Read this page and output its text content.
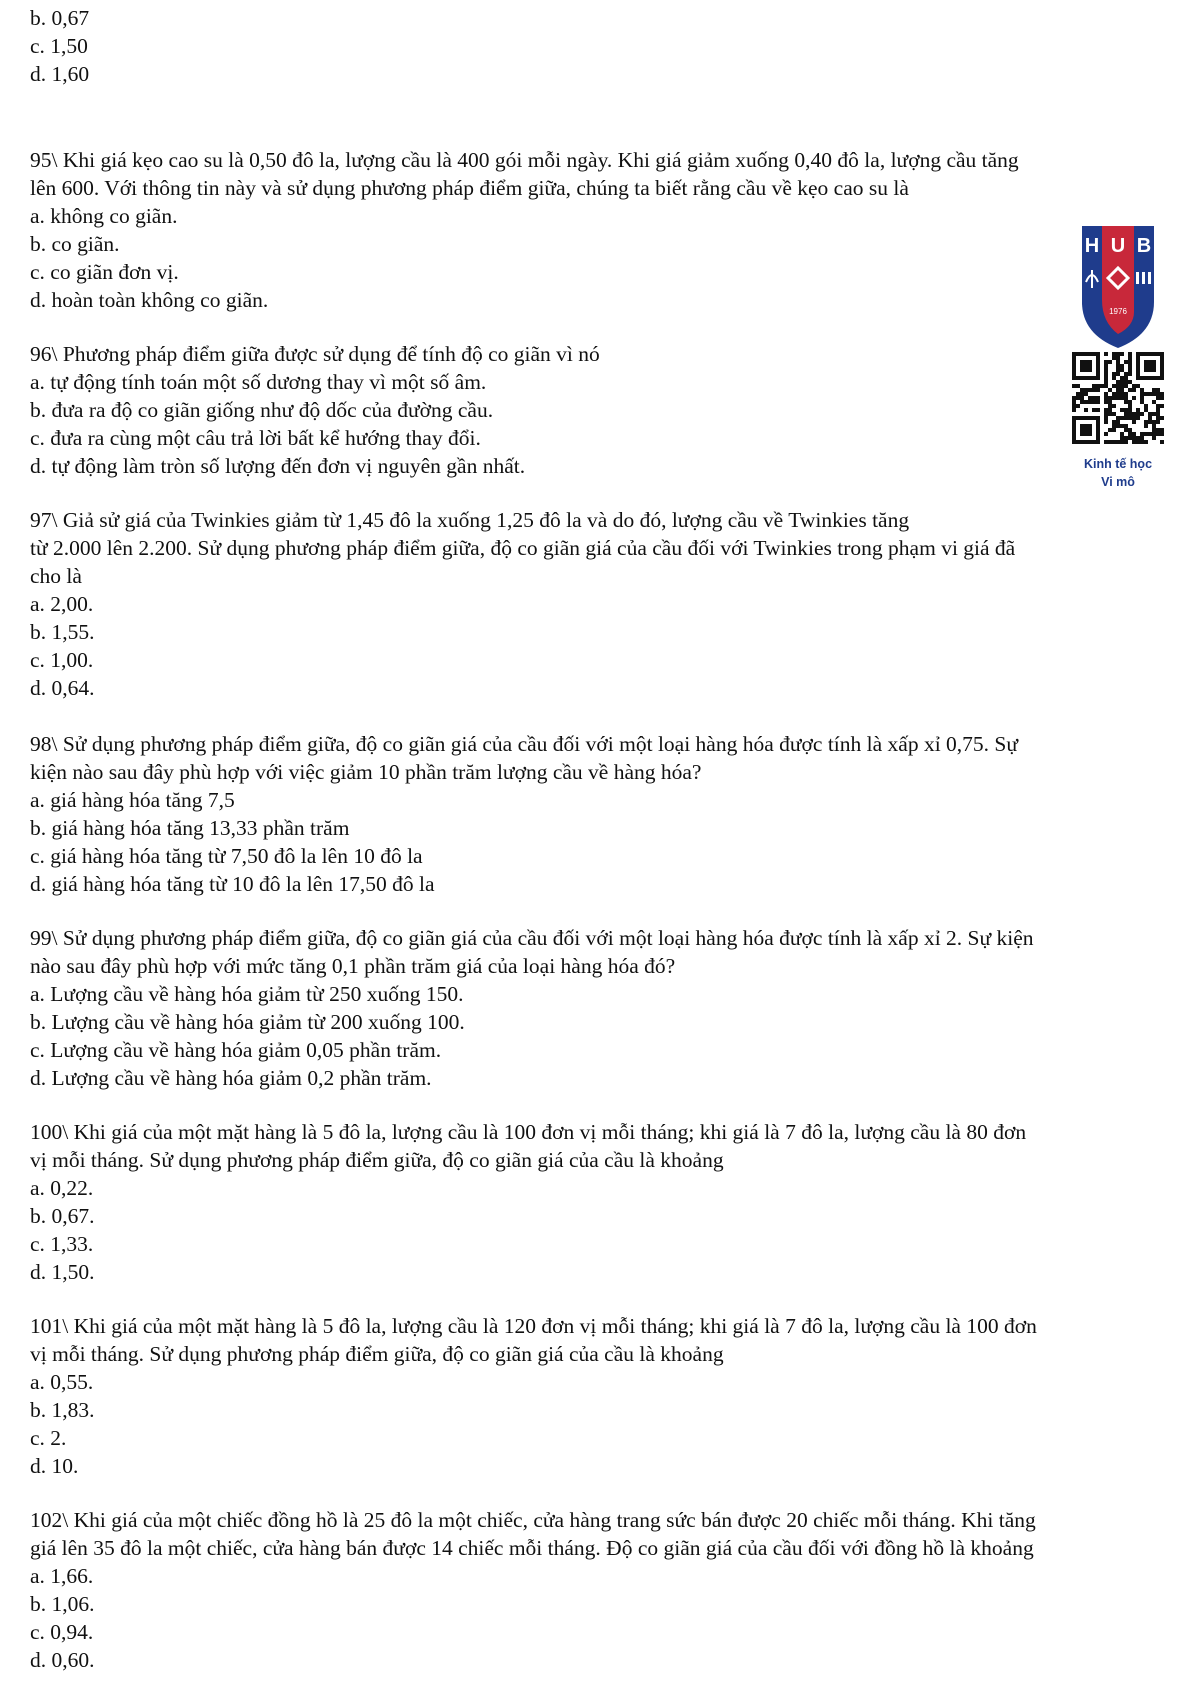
b. 0,67
c. 1,50
d. 1,60
95\ Khi giá kẹo cao su là 0,50 đô la, lượng cầu là 400 gói mỗi ngày. Khi giá giảm xuống 0,40 đô la, lượng cầu tăng
lên 600. Với thông tin này và sử dụng phương pháp điểm giữa, chúng ta biết rằng cầu về kẹo cao su là
a. không co giãn.
b. co giãn.
c. co giãn đơn vị.
d. hoàn toàn không co giãn.
96\ Phương pháp điểm giữa được sử dụng để tính độ co giãn vì nó
a. tự động tính toán một số dương thay vì một số âm.
b. đưa ra độ co giãn giống như độ dốc của đường cầu.
c. đưa ra cùng một câu trả lời bất kể hướng thay đổi.
d. tự động làm tròn số lượng đến đơn vị nguyên gần nhất.
97\ Giả sử giá của Twinkies giảm từ 1,45 đô la xuống 1,25 đô la và do đó, lượng cầu về Twinkies tăng
từ 2.000 lên 2.200. Sử dụng phương pháp điểm giữa, độ co giãn giá của cầu đối với Twinkies trong phạm vi giá đã
cho là
a. 2,00.
b. 1,55.
c. 1,00.
d. 0,64.
98\ Sử dụng phương pháp điểm giữa, độ co giãn giá của cầu đối với một loại hàng hóa được tính là xấp xỉ 0,75. Sự
kiện nào sau đây phù hợp với việc giảm 10 phần trăm lượng cầu về hàng hóa?
a. giá hàng hóa tăng 7,5
b. giá hàng hóa tăng 13,33 phần trăm
c. giá hàng hóa tăng từ 7,50 đô la lên 10 đô la
d. giá hàng hóa tăng từ 10 đô la lên 17,50 đô la
99\ Sử dụng phương pháp điểm giữa, độ co giãn giá của cầu đối với một loại hàng hóa được tính là xấp xỉ 2. Sự kiện
nào sau đây phù hợp với mức tăng 0,1 phần trăm giá của loại hàng hóa đó?
a. Lượng cầu về hàng hóa giảm từ 250 xuống 150.
b. Lượng cầu về hàng hóa giảm từ 200 xuống 100.
c. Lượng cầu về hàng hóa giảm 0,05 phần trăm.
d. Lượng cầu về hàng hóa giảm 0,2 phần trăm.
100\ Khi giá của một mặt hàng là 5 đô la, lượng cầu là 100 đơn vị mỗi tháng; khi giá là 7 đô la, lượng cầu là 80 đơn
vị mỗi tháng. Sử dụng phương pháp điểm giữa, độ co giãn giá của cầu là khoảng
a. 0,22.
b. 0,67.
c. 1,33.
d. 1,50.
101\ Khi giá của một mặt hàng là 5 đô la, lượng cầu là 120 đơn vị mỗi tháng; khi giá là 7 đô la, lượng cầu là 100 đơn
vị mỗi tháng. Sử dụng phương pháp điểm giữa, độ co giãn giá của cầu là khoảng
a. 0,55.
b. 1,83.
c. 2.
d. 10.
102\ Khi giá của một chiếc đồng hồ là 25 đô la một chiếc, cửa hàng trang sức bán được 20 chiếc mỗi tháng. Khi tăng
giá lên 35 đô la một chiếc, cửa hàng bán được 14 chiếc mỗi tháng. Độ co giãn giá của cầu đối với đồng hồ là khoảng
a. 1,66.
b. 1,06.
c. 0,94.
d. 0,60.
H U B
1976
Kinh tế học
Vi mô
